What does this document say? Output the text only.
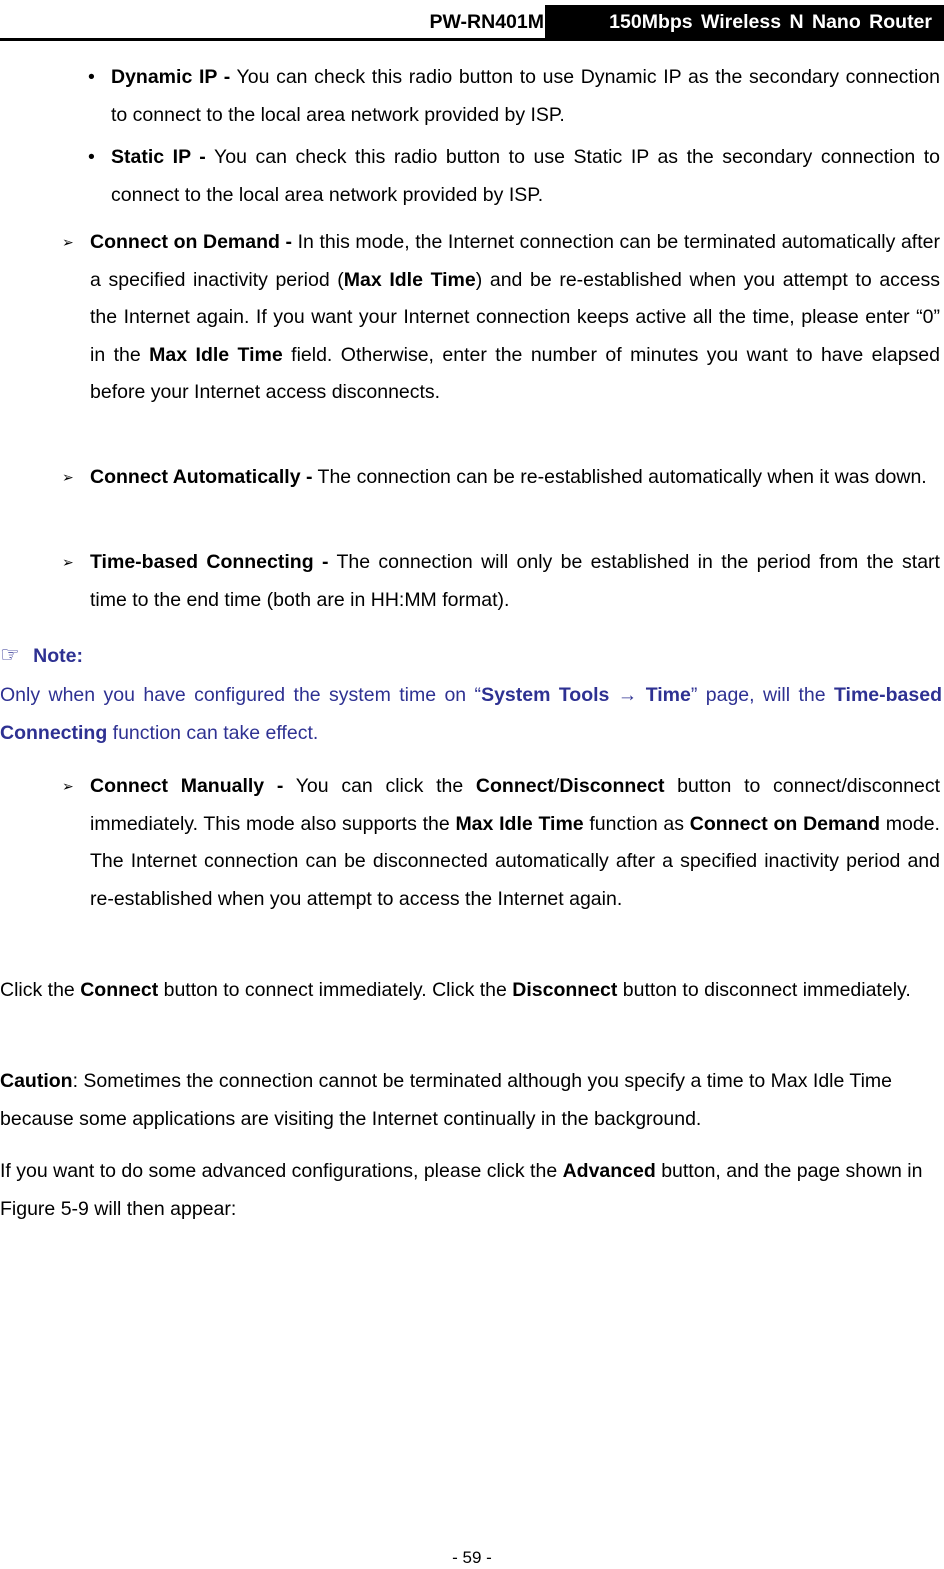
PW-RN401M	150Mbps Wireless N Nano Router
• Dynamic IP - You can check this radio button to use Dynamic IP as the secondary connection to connect to the local area network provided by ISP.
• Static IP - You can check this radio button to use Static IP as the secondary connection to connect to the local area network provided by ISP.
➢ Connect on Demand - In this mode, the Internet connection can be terminated automatically after a specified inactivity period (Max Idle Time) and be re-established when you attempt to access the Internet again. If you want your Internet connection keeps active all the time, please enter “0” in the Max Idle Time field. Otherwise, enter the number of minutes you want to have elapsed before your Internet access disconnects.
➢ Connect Automatically - The connection can be re-established automatically when it was down.
➢ Time-based Connecting - The connection will only be established in the period from the start time to the end time (both are in HH:MM format).
☞ Note:
Only when you have configured the system time on “System Tools → Time” page, will the Time-based Connecting function can take effect.
➢ Connect Manually - You can click the Connect/Disconnect button to connect/disconnect immediately. This mode also supports the Max Idle Time function as Connect on Demand mode. The Internet connection can be disconnected automatically after a specified inactivity period and re-established when you attempt to access the Internet again.
Click the Connect button to connect immediately. Click the Disconnect button to disconnect immediately.
Caution: Sometimes the connection cannot be terminated although you specify a time to Max Idle Time because some applications are visiting the Internet continually in the background.
If you want to do some advanced configurations, please click the Advanced button, and the page shown in Figure 5-9 will then appear:
- 59 -
